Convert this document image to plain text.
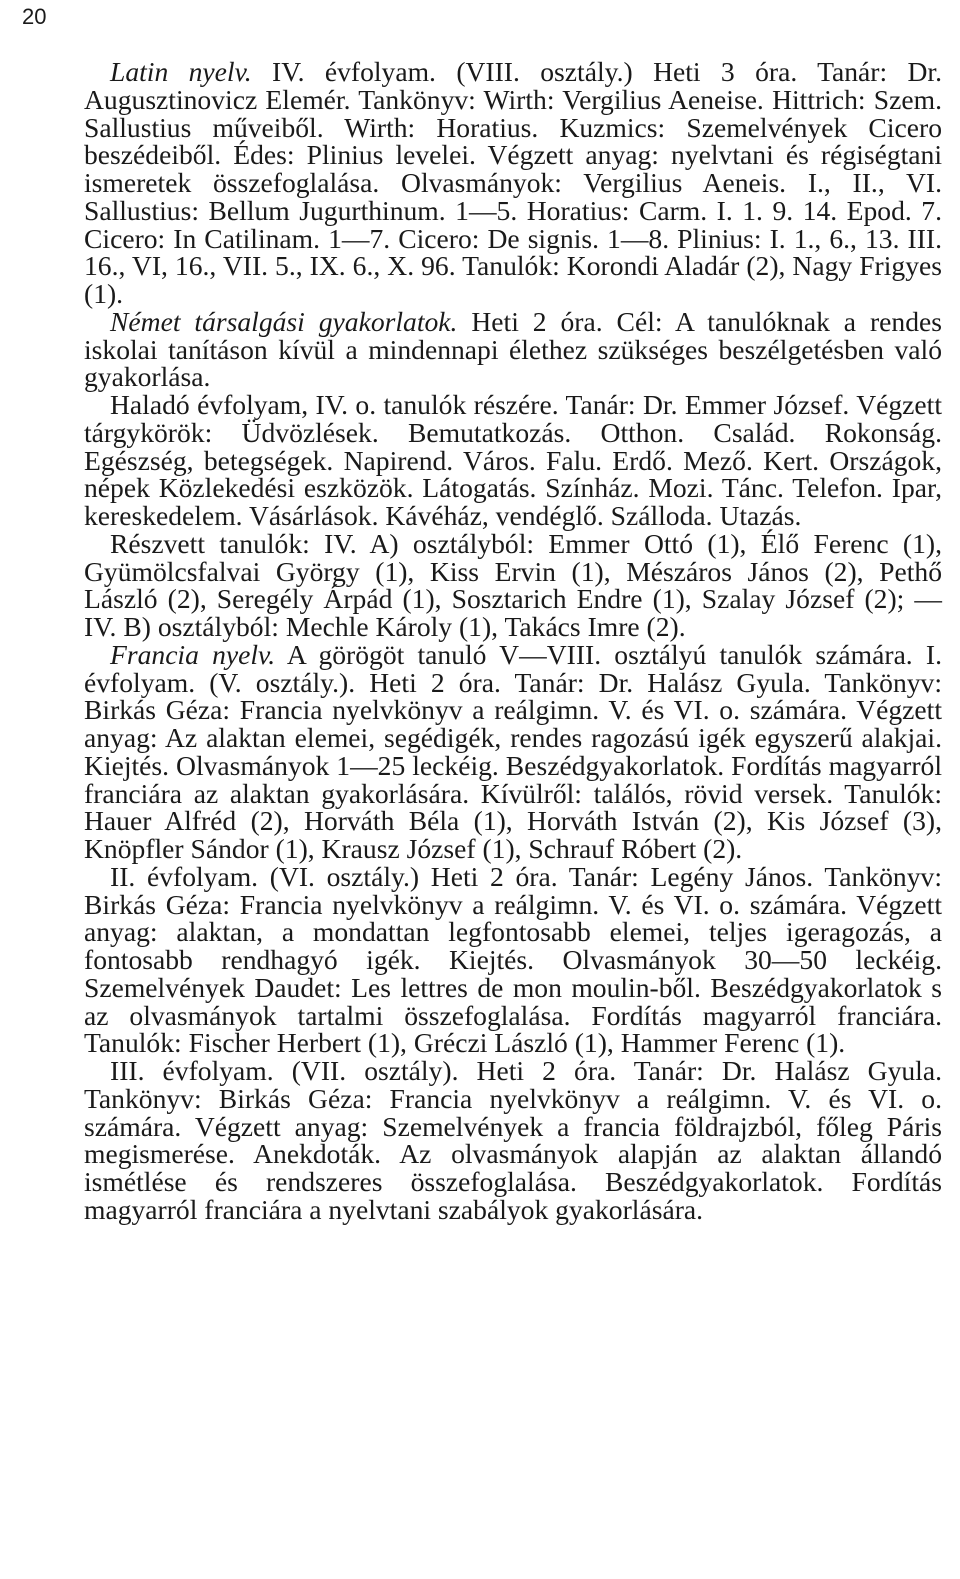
20

Latin nyelv. IV. évfolyam. (VIII. osztály.) Heti 3 óra. Tanár: Dr. Augusztinovicz Elemér. Tankönyv: Wirth: Vergilius Aeneise. Hittrich: Szem. Sallustius műveiből. Wirth: Horatius. Kuzmics: Szemelvények Cicero beszédeiből. Édes: Plinius levelei. Végzett anyag: nyelvtani és régiségtani ismeretek összefoglalása. Olvasmányok: Vergilius Aeneis. I., II., VI. Sallustius: Bellum Jugurthinum. 1—5. Horatius: Carm. I. 1. 9. 14. Epod. 7. Cicero: In Catilinam. 1—7. Cicero: De signis. 1—8. Plinius: I. 1., 6., 13. III. 16., VI, 16., VII. 5., IX. 6., X. 96. Tanulók: Korondi Aladár (2), Nagy Frigyes (1).

Német társalgási gyakorlatok. Heti 2 óra. Cél: A tanulóknak a rendes iskolai tanításon kívül a mindennapi élethez szükséges beszélgetésben való gyakorlása.

Haladó évfolyam, IV. o. tanulók részére. Tanár: Dr. Emmer József. Végzett tárgykörök: Üdvözlések. Bemutatkozás. Otthon. Család. Rokonság. Egészség, betegségek. Napirend. Város. Falu. Erdő. Mező. Kert. Országok, népek Közlekedési eszközök. Látogatás. Színház. Mozi. Tánc. Telefon. Ipar, kereskedelem. Vásárlások. Kávéház, vendéglő. Szálloda. Utazás.

Részvett tanulók: IV. A) osztályból: Emmer Ottó (1), Élő Ferenc (1), Gyümölcsfalvai György (1), Kiss Ervin (1), Mészáros János (2), Pethő László (2), Seregély Árpád (1), Sosztarich Endre (1), Szalay József (2); — IV. B) osztályból: Mechle Károly (1), Takács Imre (2).

Francia nyelv. A görögöt tanuló V—VIII. osztályú tanulók számára. I. évfolyam. (V. osztály.). Heti 2 óra. Tanár: Dr. Halász Gyula. Tankönyv: Birkás Géza: Francia nyelvkönyv a reálgimn. V. és VI. o. számára. Végzett anyag: Az alaktan elemei, segédigék, rendes ragozású igék egyszerű alakjai. Kiejtés. Olvasmányok 1—25 leckéig. Beszédgyakorlatok. Fordítás magyarról franciára az alaktan gyakorlására. Kívülről: találós, rövid versek. Tanulók: Hauer Alfréd (2), Horváth Béla (1), Horváth István (2), Kis József (3), Knöpfler Sándor (1), Krausz József (1), Schrauf Róbert (2).

II. évfolyam. (VI. osztály.) Heti 2 óra. Tanár: Legény János. Tankönyv: Birkás Géza: Francia nyelvkönyv a reálgimn. V. és VI. o. számára. Végzett anyag: alaktan, a mondattan legfontosabb elemei, teljes igeragozás, a fontosabb rendhagyó igék. Kiejtés. Olvasmányok 30—50 leckéig. Szemelvények Daudet: Les lettres de mon moulin-ből. Beszédgyakorlatok s az olvasmányok tartalmi összefoglalása. Fordítás magyarról franciára. Tanulók: Fischer Herbert (1), Gréczi László (1), Hammer Ferenc (1).

III. évfolyam. (VII. osztály). Heti 2 óra. Tanár: Dr. Halász Gyula. Tankönyv: Birkás Géza: Francia nyelvkönyv a reálgimn. V. és VI. o. számára. Végzett anyag: Szemelvények a francia földrajzból, főleg Páris megismerése. Anekdoták. Az olvasmányok alapján az alaktan állandó ismétlése és rendszeres összefoglalása. Beszédgyakorlatok. Fordítás magyarról franciára a nyelvtani szabályok gyakorlására.
